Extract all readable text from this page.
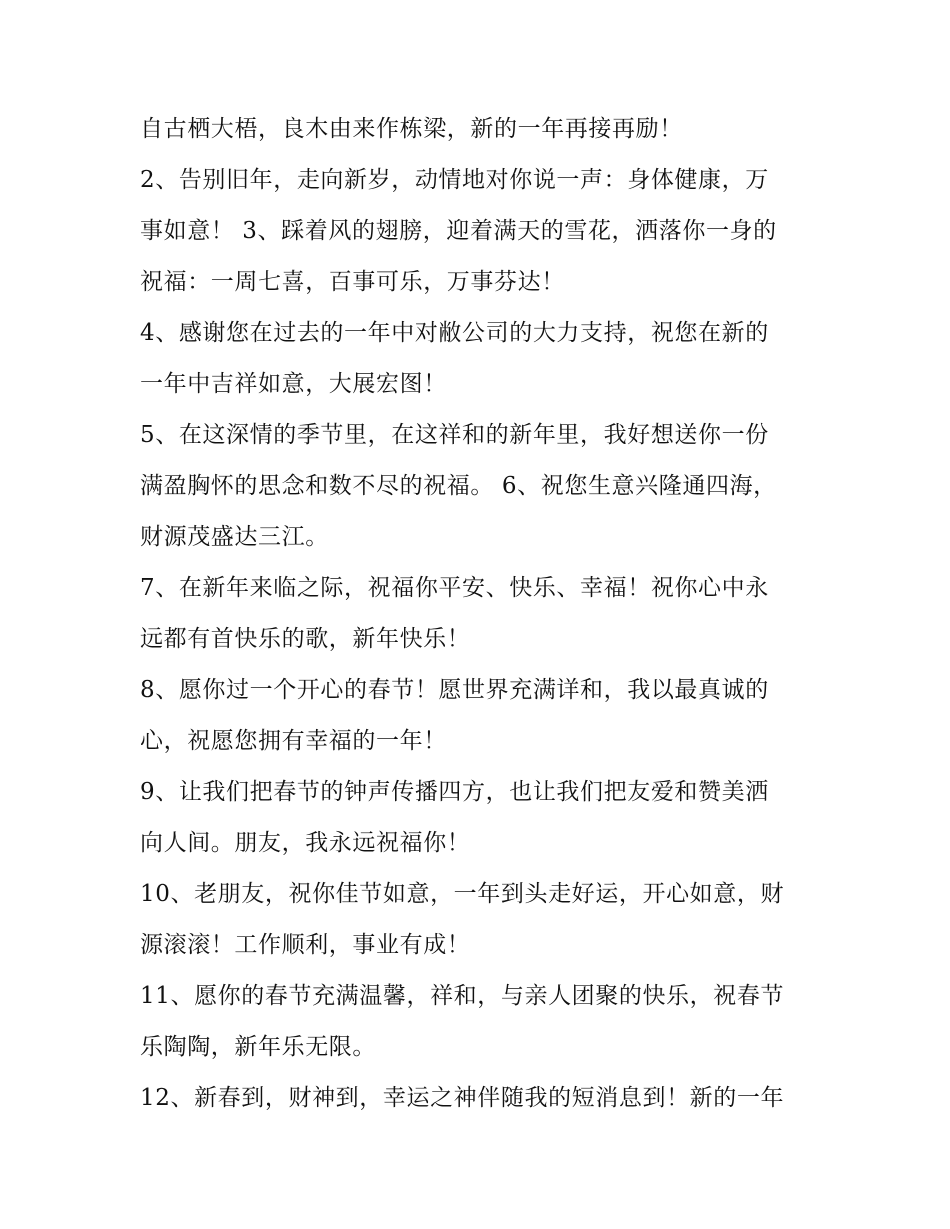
自古栖大梧，良木由来作栋梁，新的一年再接再励！
2、告别旧年，走向新岁，动情地对你说一声：身体健康，万
事如意！ 3、踩着风的翅膀，迎着满天的雪花，洒落你一身的
祝福：一周七喜，百事可乐，万事芬达！
4、感谢您在过去的一年中对敝公司的大力支持，祝您在新的
一年中吉祥如意，大展宏图！
5、在这深情的季节里，在这祥和的新年里，我好想送你一份
满盈胸怀的思念和数不尽的祝福。 6、祝您生意兴隆通四海，
财源茂盛达三江。
7、在新年来临之际，祝福你平安、快乐、幸福！祝你心中永
远都有首快乐的歌，新年快乐！
8、愿你过一个开心的春节！愿世界充满详和，我以最真诚的
心，祝愿您拥有幸福的一年！
9、让我们把春节的钟声传播四方，也让我们把友爱和赞美洒
向人间。朋友，我永远祝福你！
10、老朋友，祝你佳节如意，一年到头走好运，开心如意，财
源滚滚！工作顺利，事业有成！
11、愿你的春节充满温馨，祥和，与亲人团聚的快乐，祝春节
乐陶陶，新年乐无限。
12、新春到，财神到，幸运之神伴随我的短消息到！新的一年
